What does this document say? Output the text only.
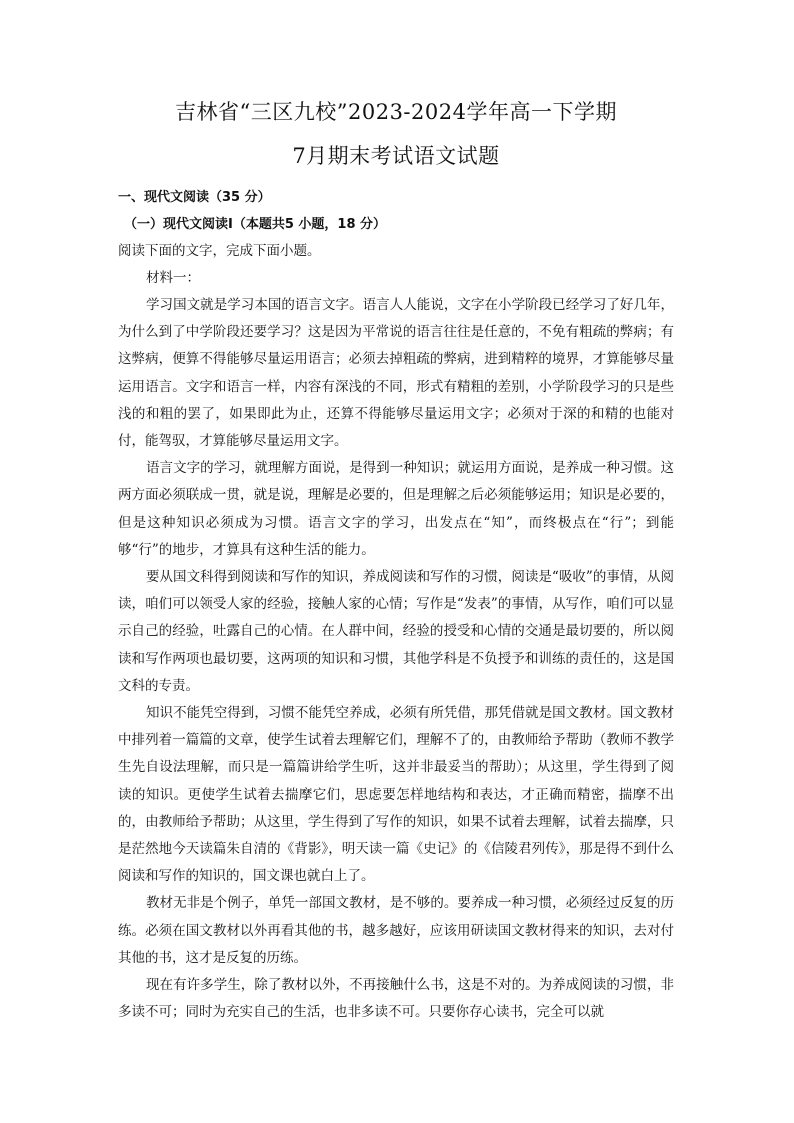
吉林省“三区九校”2023-2024学年高一下学期
7月期末考试语文试题

一、现代文阅读（35 分）

（一）现代文阅读Ⅰ（本题共5 小题，18 分）

阅读下面的文字，完成下面小题。

材料一：

学习国文就是学习本国的语言文字。语言人人能说，文字在小学阶段已经学习了好几年，为什么到了中学阶段还要学习？这是因为平常说的语言往往是任意的，不免有粗疏的弊病；有这弊病，便算不得能够尽量运用语言；必须去掉粗疏的弊病，进到精粹的境界，才算能够尽量运用语言。文字和语言一样，内容有深浅的不同，形式有精粗的差别，小学阶段学习的只是些浅的和粗的罢了，如果即此为止，还算不得能够尽量运用文字；必须对于深的和精的也能对付，能驾驭，才算能够尽量运用文字。

语言文字的学习，就理解方面说，是得到一种知识；就运用方面说，是养成一种习惯。这两方面必须联成一贯，就是说，理解是必要的，但是理解之后必须能够运用；知识是必要的，但是这种知识必须成为习惯。语言文字的学习，出发点在“知”，而终极点在“行”；到能够“行”的地步，才算具有这种生活的能力。

要从国文科得到阅读和写作的知识，养成阅读和写作的习惯，阅读是“吸收”的事情，从阅读，咱们可以领受人家的经验，接触人家的心情；写作是“发表”的事情，从写作，咱们可以显示自己的经验，吐露自己的心情。在人群中间，经验的授受和心情的交通是最切要的，所以阅读和写作两项也最切要，这两项的知识和习惯，其他学科是不负授予和训练的责任的，这是国文科的专责。

知识不能凭空得到，习惯不能凭空养成，必须有所凭借，那凭借就是国文教材。国文教材中排列着一篇篇的文章，使学生试着去理解它们，理解不了的，由教师给予帮助（教师不教学生先自设法理解，而只是一篇篇讲给学生听，这并非最妥当的帮助）；从这里，学生得到了阅读的知识。更使学生试着去揣摩它们，思虑要怎样地结构和表达，才正确而精密，揣摩不出的，由教师给予帮助；从这里，学生得到了写作的知识，如果不试着去理解，试着去揣摩，只是茫然地今天读篇朱自清的《背影》，明天读一篇《史记》的《信陵君列传》，那是得不到什么阅读和写作的知识的，国文课也就白上了。

教材无非是个例子，单凭一部国文教材，是不够的。要养成一种习惯，必须经过反复的历练。必须在国文教材以外再看其他的书，越多越好，应该用研读国文教材得来的知识，去对付其他的书，这才是反复的历练。

现在有许多学生，除了教材以外，不再接触什么书，这是不对的。为养成阅读的习惯，非多读不可；同时为充实自己的生活，也非多读不可。只要你存心读书，完全可以就
